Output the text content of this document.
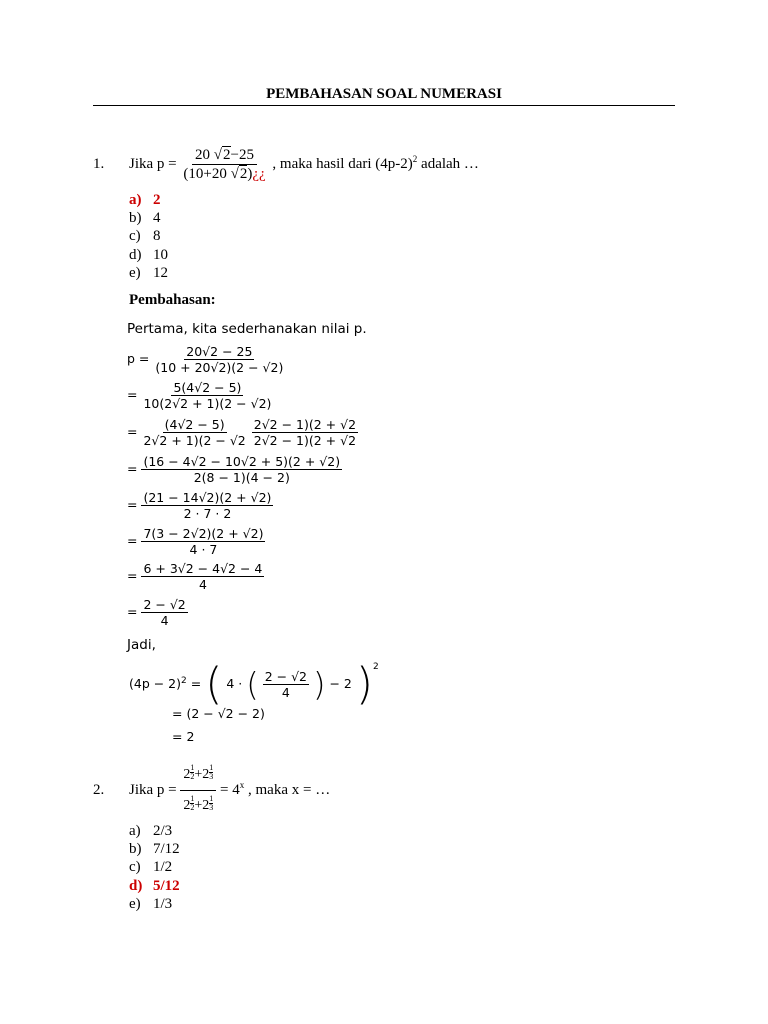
PEMBAHASAN SOAL NUMERASI
1. Jika $p = \frac{20 √2-25}{(10+20 √2)¿¿}$ , maka hasil dari $(4p-2)^2$ adalah …
a) 2
b) 4
c) 8
d) 10
e) 12
Pembahasan:
Pertama, kita sederhanakan nilai p.
$p = \frac{20√2 - 25}{(10 + 20√2)(2 - √2)}$
= $\frac{5(4√2 - 5)}{10(2√2 + 1)(2 - √2)}$
= $\frac{(4√2 - 5)}{2√2 + 1)(2 - √2}$
$\frac{2√2 - 1)(2 + √2}{2√2 - 1)(2 + √2}$
= $\frac{(16 - 4√2 - 10√2 + 5)(2 + √2)}{2(8 - 1)(4 - 2)}$
= $\frac{(21 - 14√2)(2 + √2)}{2 \cdot 7 \cdot 2}$
= $\frac{7(3 - 2√2)(2 + √2)}{4 \cdot 7}$
= $\frac{6 + 3√2 - 4√2 - 4}{4}$
= $\frac{2 - √2}{4}$
Jadi,
$(4p - 2)^2$ = ( 4 · ( $\frac{2 - √2}{4}$ ) − 2 )$^2$
= (2 − √2 − 2)
= 2
2. Jika p = 2 $^{\frac{1}{2}}$ +2 $^{\frac{1}{3}}$
2 $^{\frac{1}{2}}$ +2 $^{\frac{1}{3}} = 4^x$ , maka x = …
a) 2/3
b) 7/12
c) 1/2
d) 5/12
e) 1/3
